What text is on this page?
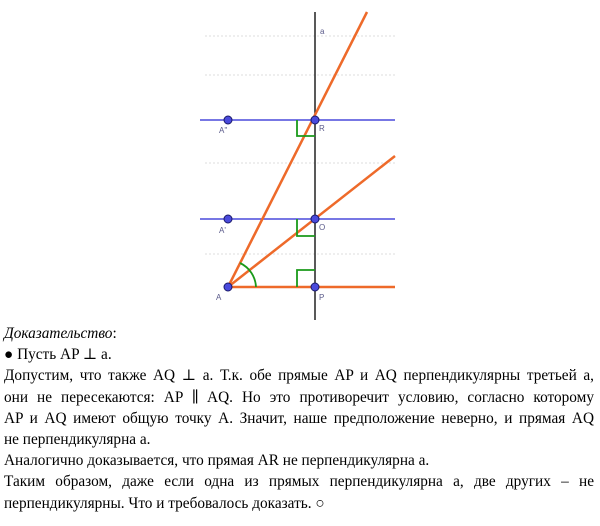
a
A''	R
A'	O
A	P

Доказательство:

● Пусть AP ⊥ a.

Допустим, что также AQ ⊥ a. Т.к. обе прямые AP и AQ перпендикулярны третьей a,

они не пересекаются: AP ∥ AQ. Но это противоречит условию, согласно которому

AP и AQ имеют общую точку A. Значит, наше предположение неверно, и прямая AQ

не перпендикулярна a.

Аналогично доказывается, что прямая AR не перпендикулярна a.

Таким образом, даже если одна из прямых перпендикулярна a, две других – не

перпендикулярны. Что и требовалось доказать. ○
